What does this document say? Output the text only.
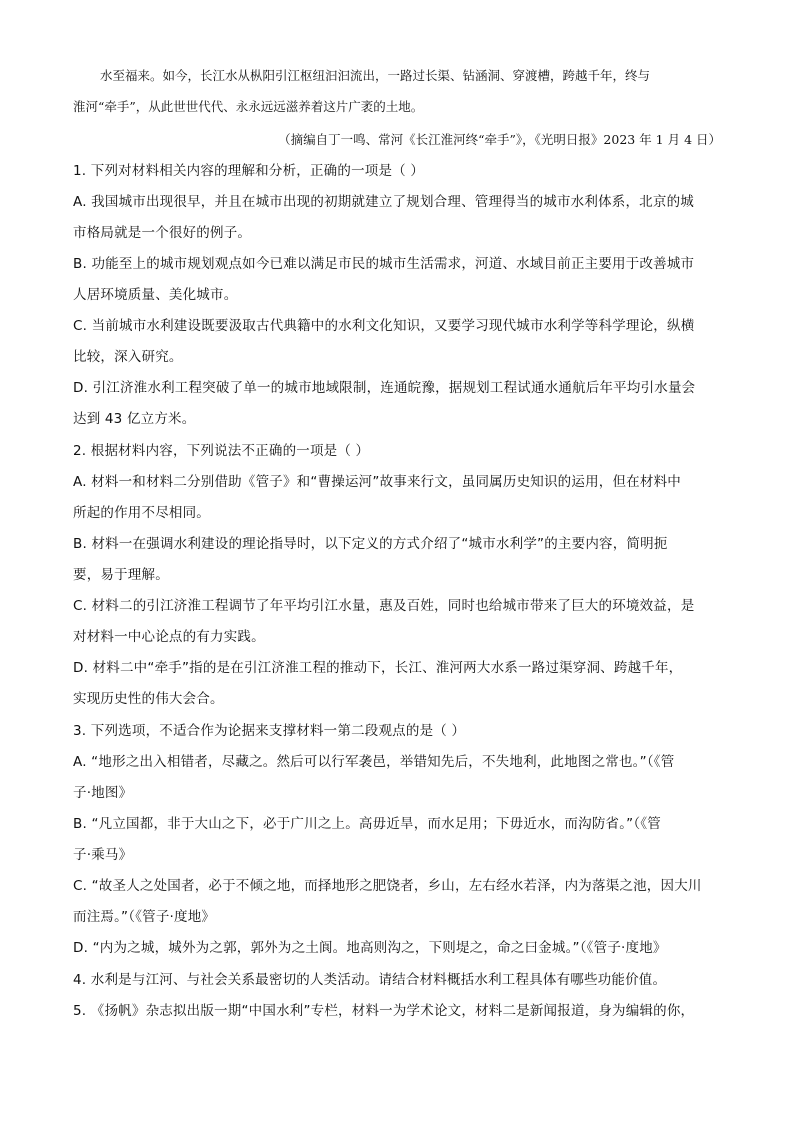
水至福来。如今，长江水从枞阳引江枢纽汩汩流出，一路过长渠、钻涵洞、穿渡槽，跨越千年，终与
淮河“牵手”，从此世世代代、永永远远滋养着这片广袤的土地。
（摘编自丁一鸣、常河《长江淮河终“牵手”》，《光明日报》2023 年 1 月 4 日）
1. 下列对材料相关内容的理解和分析，正确的一项是（ ）
A. 我国城市出现很早，并且在城市出现的初期就建立了规划合理、管理得当的城市水利体系，北京的城
市格局就是一个很好的例子。
B. 功能至上的城市规划观点如今已难以满足市民的城市生活需求，河道、水域目前正主要用于改善城市
人居环境质量、美化城市。
C. 当前城市水利建设既要汲取古代典籍中的水利文化知识，又要学习现代城市水利学等科学理论，纵横
比较，深入研究。
D. 引江济淮水利工程突破了单一的城市地域限制，连通皖豫，据规划工程试通水通航后年平均引水量会
达到 43 亿立方米。
2. 根据材料内容，下列说法不正确的一项是（ ）
A. 材料一和材料二分别借助《管子》和“曹操运河”故事来行文，虽同属历史知识的运用，但在材料中
所起的作用不尽相同。
B. 材料一在强调水利建设的理论指导时，以下定义的方式介绍了“城市水利学”的主要内容，简明扼
要，易于理解。
C. 材料二的引江济淮工程调节了年平均引江水量，惠及百姓，同时也给城市带来了巨大的环境效益，是
对材料一中心论点的有力实践。
D. 材料二中“牵手”指的是在引江济淮工程的推动下，长江、淮河两大水系一路过渠穿洞、跨越千年，
实现历史性的伟大会合。
3. 下列选项，不适合作为论据来支撑材料一第二段观点的是（ ）
A. “地形之出入相错者，尽藏之。然后可以行军袭邑，举错知先后，不失地利，此地图之常也。”（《管
子·地图》
B. “凡立国都，非于大山之下，必于广川之上。高毋近旱，而水足用；下毋近水，而沟防省。”（《管
子·乘马》
C. “故圣人之处国者，必于不倾之地，而择地形之肥饶者，乡山，左右经水若泽，内为落渠之池，因大川
而注焉。”（《管子·度地》
D. “内为之城，城外为之郭，郭外为之土阆。地高则沟之，下则堤之，命之曰金城。”（《管子·度地》
4. 水利是与江河、与社会关系最密切的人类活动。请结合材料概括水利工程具体有哪些功能价值。
5. 《扬帆》杂志拟出版一期“中国水利”专栏，材料一为学术论文，材料二是新闻报道，身为编辑的你，
